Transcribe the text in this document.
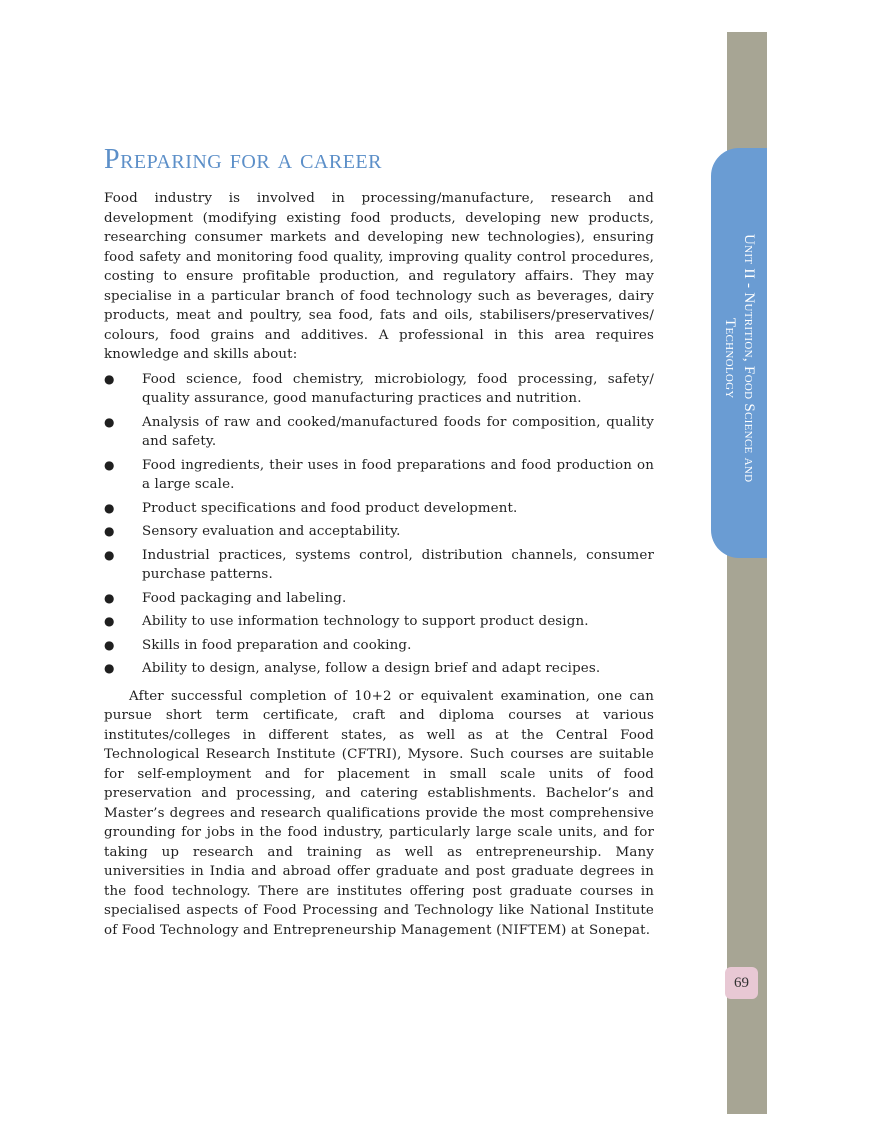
Unit II - Nutrition, Food Science and Technology
69
Preparing for a career

Food industry is involved in processing/manufacture, research and development (modifying existing food products, developing new products, researching consumer markets and developing new technologies), ensuring food safety and monitoring food quality, improving quality control procedures, costing to ensure profitable production, and regulatory affairs. They may specialise in a particular branch of food technology such as beverages, dairy products, meat and poultry, sea food, fats and oils, stabilisers/preservatives/ colours, food grains and additives. A professional in this area requires knowledge and skills about:

● Food science, food chemistry, microbiology, food processing, safety/ quality assurance, good manufacturing practices and nutrition.
● Analysis of raw and cooked/manufactured foods for composition, quality and safety.
● Food ingredients, their uses in food preparations and food production on a large scale.
● Product specifications and food product development.
● Sensory evaluation and acceptability.
● Industrial practices, systems control, distribution channels, consumer purchase patterns.
● Food packaging and labeling.
● Ability to use information technology to support product design.
● Skills in food preparation and cooking.
● Ability to design, analyse, follow a design brief and adapt recipes.

After successful completion of 10+2 or equivalent examination, one can pursue short term certificate, craft and diploma courses at various institutes/colleges in different states, as well as at the Central Food Technological Research Institute (CFTRI), Mysore. Such courses are suitable for self-employment and for placement in small scale units of food preservation and processing, and catering establishments. Bachelor’s and Master’s degrees and research qualifications provide the most comprehensive grounding for jobs in the food industry, particularly large scale units, and for taking up research and training as well as entrepreneurship. Many universities in India and abroad offer graduate and post graduate degrees in the food technology. There are institutes offering post graduate courses in specialised aspects of Food Processing and Technology like National Institute of Food Technology and Entrepreneurship Management (NIFTEM) at Sonepat.
